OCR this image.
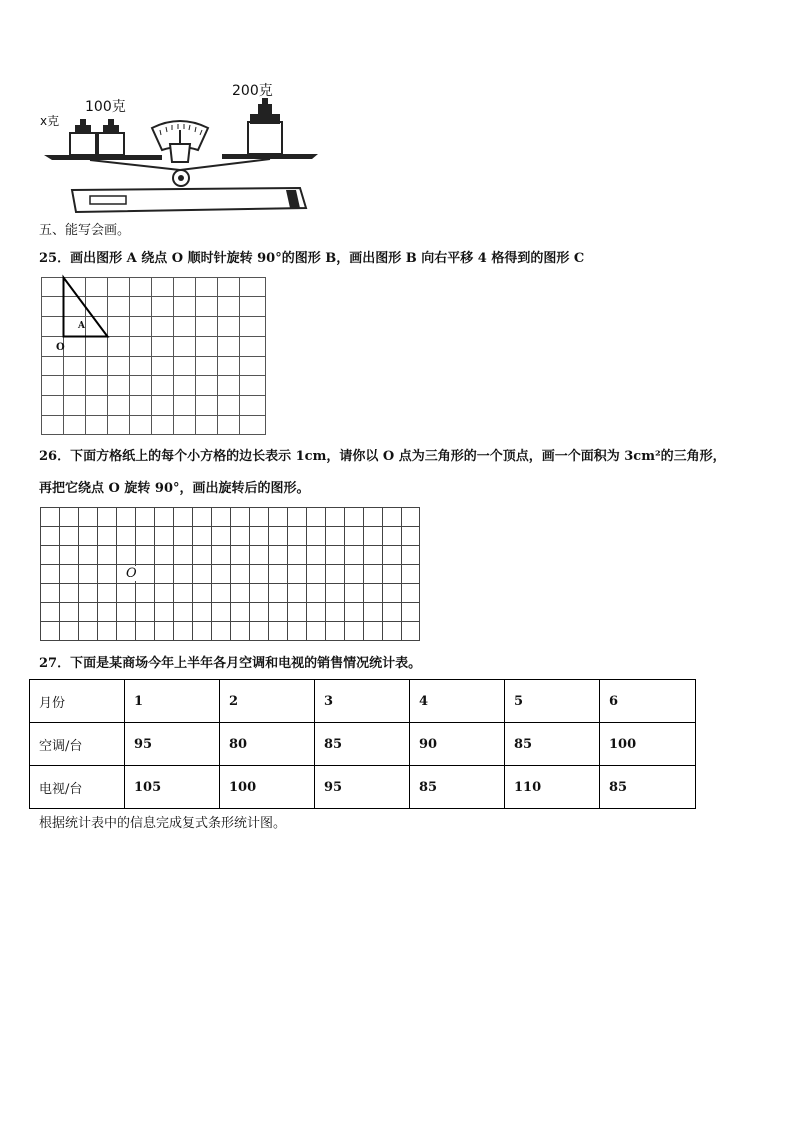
x克
100克
200克
五、能写会画。
25．画出图形 A 绕点 O 顺时针旋转 90°的图形 B，画出图形 B 向右平移 4 格得到的图形 C
A
O
26．下面方格纸上的每个小方格的边长表示 1cm，请你以 O 点为三角形的一个顶点，画一个面积为 3cm²的三角形，
再把它绕点 O 旋转 90°，画出旋转后的图形。
O
27．下面是某商场今年上半年各月空调和电视的销售情况统计表。
月份	1	2	3	4	5	6
空调/台	95	80	85	90	85	100
电视/台	105	100	95	85	110	85
根据统计表中的信息完成复式条形统计图。
